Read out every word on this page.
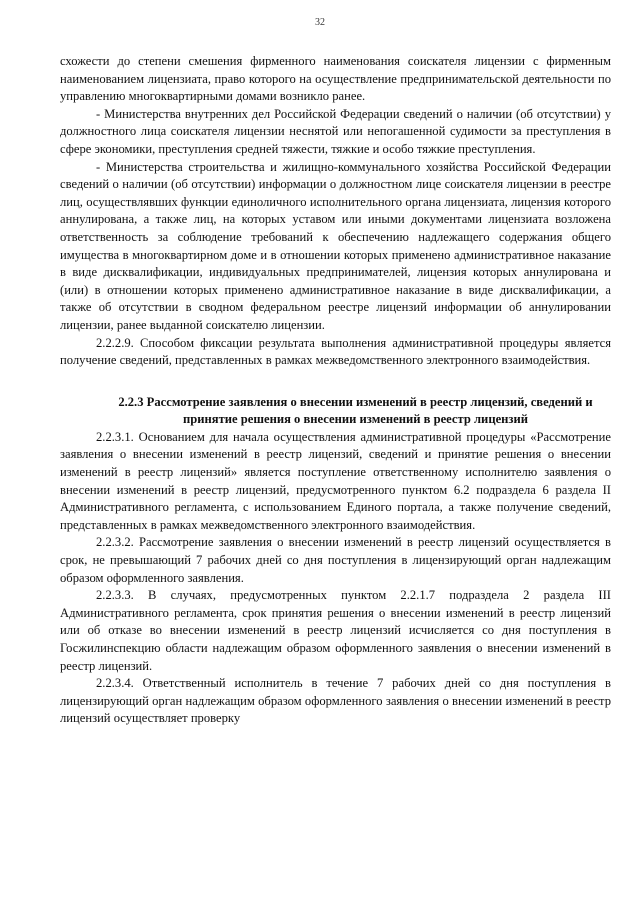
32

схожести до степени смешения фирменного наименования соискателя лицензии с фирменным наименованием лицензиата, право которого на осуществление предпринимательской деятельности по управлению многоквартирными домами возникло ранее.

- Министерства внутренних дел Российской Федерации сведений о наличии (об отсутствии) у должностного лица соискателя лицензии неснятой или непогашенной судимости за преступления в сфере экономики, преступления средней тяжести, тяжкие и особо тяжкие преступления.

- Министерства строительства и жилищно-коммунального хозяйства Российской Федерации сведений о наличии (об отсутствии) информации о должностном лице соискателя лицензии в реестре лиц, осуществлявших функции единоличного исполнительного органа лицензиата, лицензия которого аннулирована, а также лиц, на которых уставом или иными документами лицензиата возложена ответственность за соблюдение требований к обеспечению надлежащего содержания общего имущества в многоквартирном доме и в отношении которых применено административное наказание в виде дисквалификации, индивидуальных предпринимателей, лицензия которых аннулирована и (или) в отношении которых применено административное наказание в виде дисквалификации, а также об отсутствии в сводном федеральном реестре лицензий информации об аннулировании лицензии, ранее выданной соискателю лицензии.

2.2.2.9. Способом фиксации результата выполнения административной процедуры является получение сведений, представленных в рамках межведомственного электронного взаимодействия.

2.2.3 Рассмотрение заявления о внесении изменений в реестр лицензий, сведений и принятие решения о внесении изменений в реестр лицензий

2.2.3.1. Основанием для начала осуществления административной процедуры «Рассмотрение заявления о внесении изменений в реестр лицензий, сведений и принятие решения о внесении изменений в реестр лицензий» является поступление ответственному исполнителю заявления о внесении изменений в реестр лицензий, предусмотренного пунктом 6.2 подраздела 6 раздела II Административного регламента, с использованием Единого портала, а также получение сведений, представленных в рамках межведомственного электронного взаимодействия.

2.2.3.2. Рассмотрение заявления о внесении изменений в реестр лицензий осуществляется в срок, не превышающий 7 рабочих дней со дня поступления в лицензирующий орган надлежащим образом оформленного заявления.

2.2.3.3. В случаях, предусмотренных пунктом 2.2.1.7 подраздела 2 раздела III Административного регламента, срок принятия решения о внесении изменений в реестр лицензий или об отказе во внесении изменений в реестр лицензий исчисляется со дня поступления в Госжилинспекцию области надлежащим образом оформленного заявления о внесении изменений в реестр лицензий.

2.2.3.4. Ответственный исполнитель в течение 7 рабочих дней со дня поступления в лицензирующий орган надлежащим образом оформленного заявления о внесении изменений в реестр лицензий осуществляет проверку
